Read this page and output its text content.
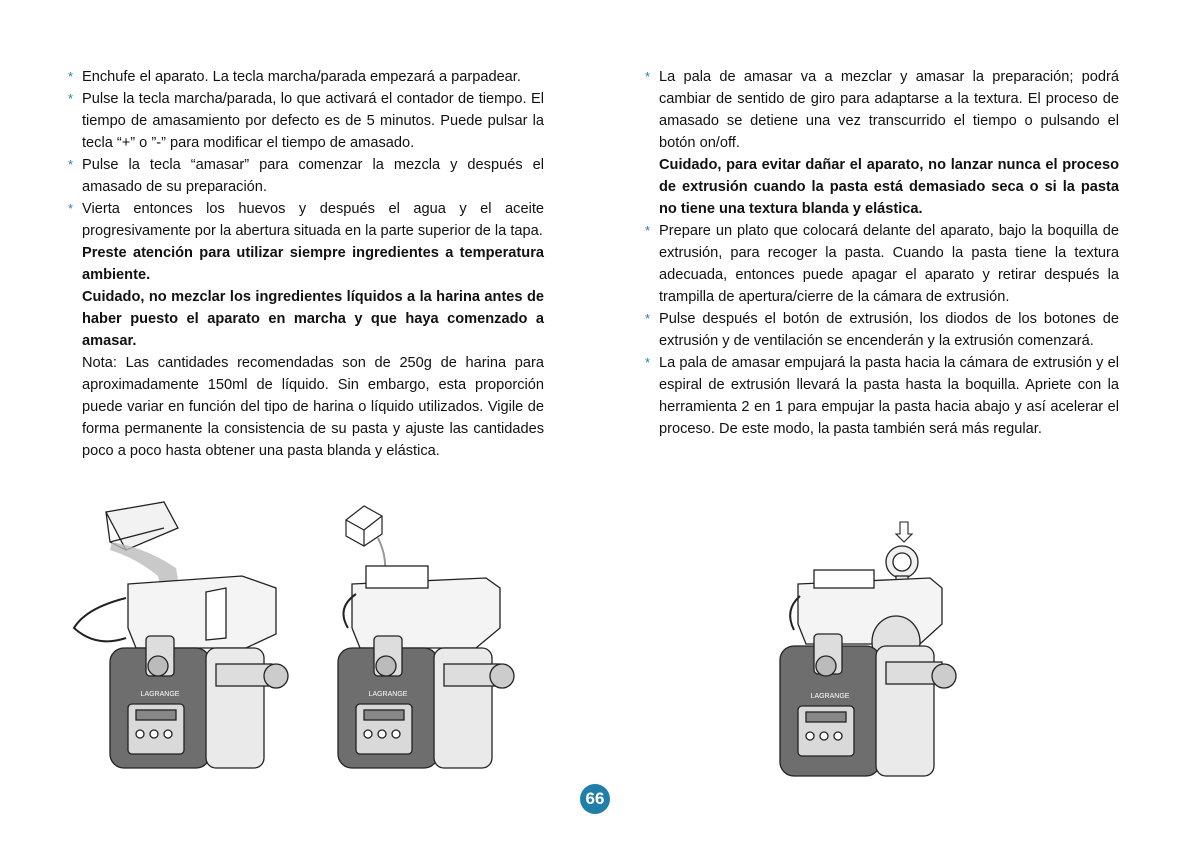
* Enchufe el aparato. La tecla marcha/parada empezará a parpadear.
* Pulse la tecla marcha/parada, lo que activará el contador de tiempo. El tiempo de amasamiento por defecto es de 5 minutos. Puede pulsar la tecla “+” o ”-” para modificar el tiempo de amasado.
* Pulse la tecla “amasar” para comenzar la mezcla y después el amasado de su preparación.
* Vierta entonces los huevos y después el agua y el aceite progresivamente por la abertura situada en la parte superior de la tapa.
Preste atención para utilizar siempre ingredientes a temperatura ambiente.
Cuidado, no mezclar los ingredientes líquidos a la harina antes de haber puesto el aparato en marcha y que haya comenzado a amasar.
Nota: Las cantidades recomendadas son de 250g de harina para aproximadamente 150ml de líquido. Sin embargo, esta proporción puede variar en función del tipo de harina o líquido utilizados. Vigile de forma permanente la consistencia de su pasta y ajuste las cantidades poco a poco hasta obtener una pasta blanda y elástica.
* La pala de amasar va a mezclar y amasar la preparación; podrá cambiar de sentido de giro para adaptarse a la textura. El proceso de amasado se detiene una vez transcurrido el tiempo o pulsando el botón on/off.
Cuidado, para evitar dañar el aparato, no lanzar nunca el proceso de extrusión cuando la pasta está demasiado seca o si la pasta no tiene una textura blanda y elástica.
* Prepare un plato que colocará delante del aparato, bajo la boquilla de extrusión, para recoger la pasta. Cuando la pasta tiene la textura adecuada, entonces puede apagar el aparato y retirar después la trampilla de apertura/cierre de la cámara de extrusión.
* Pulse después el botón de extrusión, los diodos de los botones de extrusión y de ventilación se encenderán y la extrusión comenzará.
* La pala de amasar empujará la pasta hacia la cámara de extrusión y el espiral de extrusión llevará la pasta hasta la boquilla. Apriete con la herramienta 2 en 1 para empujar la pasta hacia abajo y así acelerar el proceso. De este modo, la pasta también será más regular.
LAGRANGE	LAGRANGE	LAGRANGE
66
